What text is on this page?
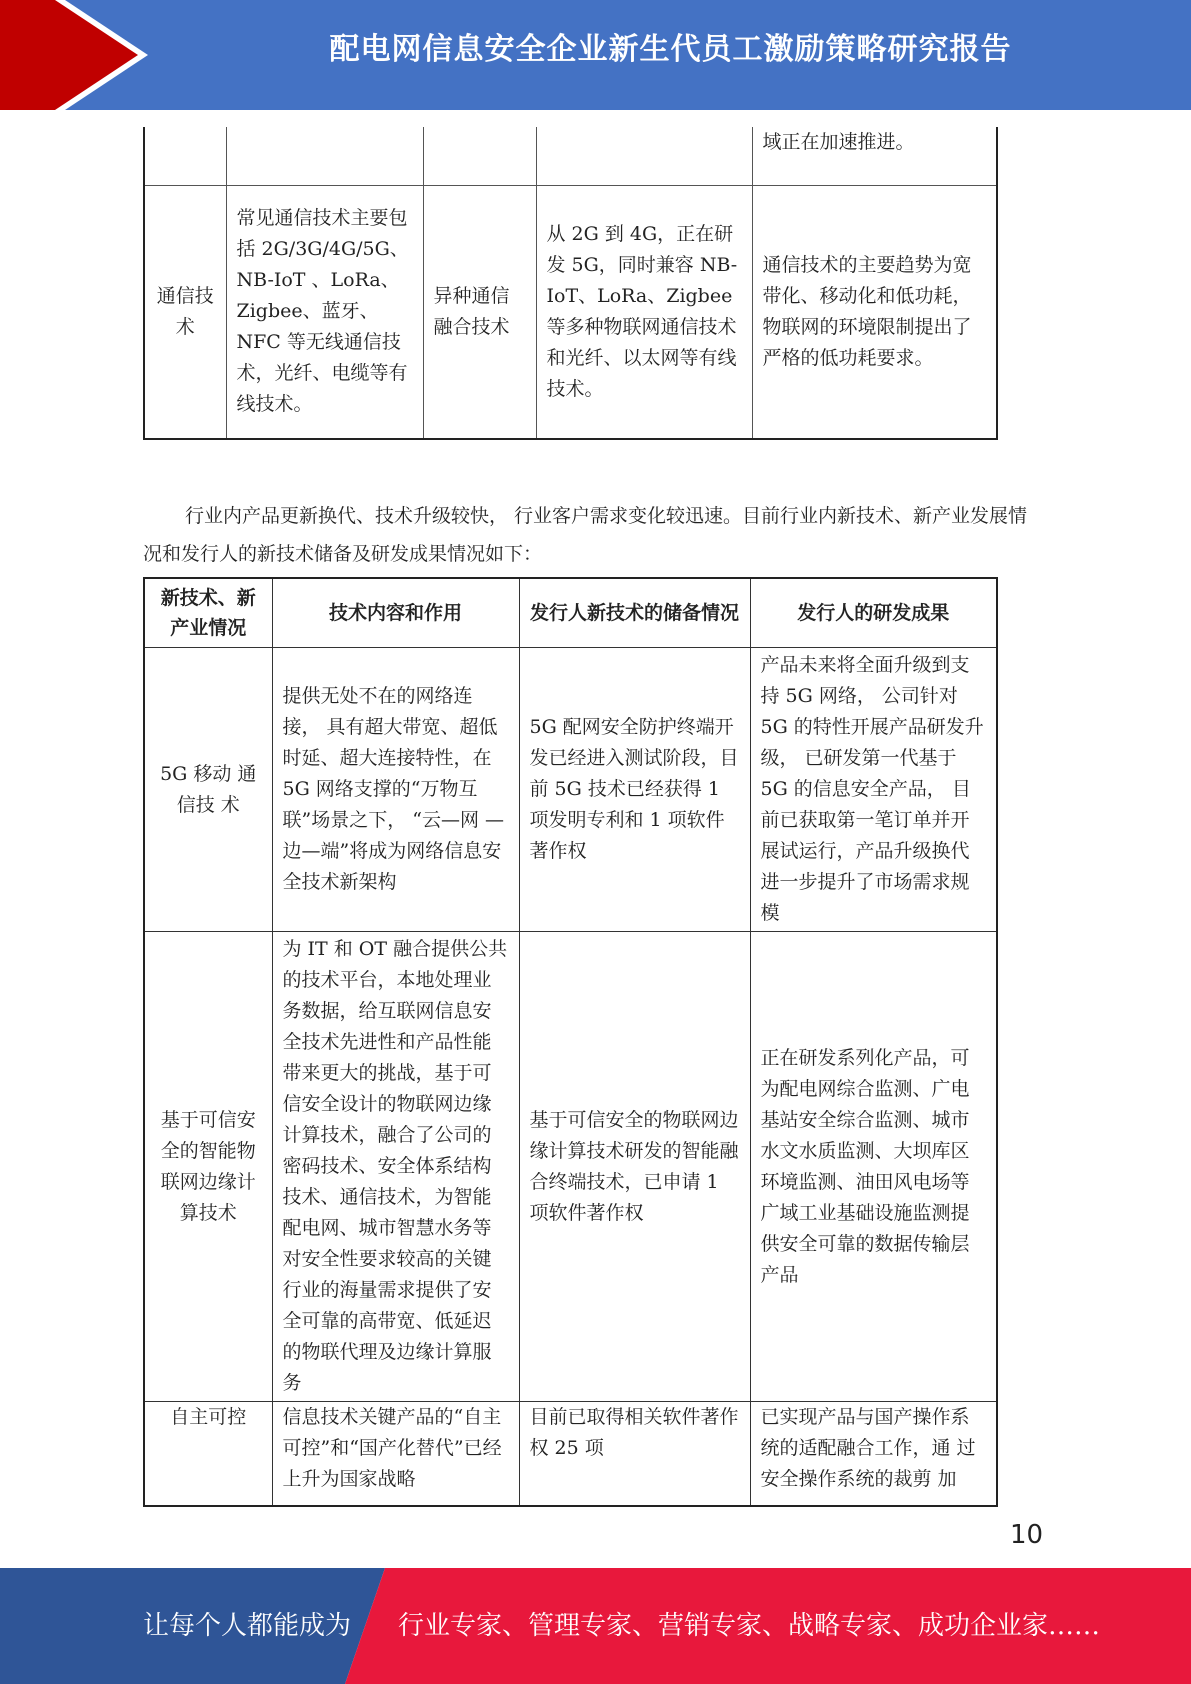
配电网信息安全企业新生代员工激励策略研究报告
				域正在加速推进。
通信技术	常见通信技术主要包括 2G/3G/4G/5G、NB-IoT 、LoRa、 Zigbee、蓝牙、 NFC 等无线通信技术，光纤、电缆等有线技术。	异种通信融合技术	从 2G 到 4G，正在研发 5G，同时兼容 NB-IoT、LoRa、Zigbee 等多种物联网通信技术和光纤、以太网等有线技术。	通信技术的主要趋势为宽带化、移动化和低功耗，物联网的环境限制提出了严格的低功耗要求。

行业内产品更新换代、技术升级较快， 行业客户需求变化较迅速。目前行业内新技术、新产业发展情况和发行人的新技术储备及研发成果情况如下：

新技术、新产业情况	技术内容和作用	发行人新技术的储备情况	发行人的研发成果
5G 移动 通 信技 术	提供无处不在的网络连接， 具有超大带宽、超低时延、超大连接特性，在 5G 网络支撑的“万物互联”场景之下， “云—网 —边—端”将成为网络信息安全技术新架构	5G 配网安全防护终端开发已经进入测试阶段，目前 5G 技术已经获得 1 项发明专利和 1 项软件著作权	产品未来将全面升级到支持 5G 网络， 公司针对 5G 的特性开展产品研发升级， 已研发第一代基于 5G 的信息安全产品， 目前已获取第一笔订单并开展试运行，产品升级换代进一步提升了市场需求规模
基于可信安全的智能物联网边缘计算技术	为 IT 和 OT 融合提供公共的技术平台，本地处理业务数据，给互联网信息安全技术先进性和产品性能带来更大的挑战，基于可信安全设计的物联网边缘计算技术，融合了公司的密码技术、安全体系结构技术、通信技术，为智能配电网、城市智慧水务等对安全性要求较高的关键行业的海量需求提供了安全可靠的高带宽、低延迟的物联代理及边缘计算服务	基于可信安全的物联网边缘计算技术研发的智能融合终端技术，已申请 1 项软件著作权	正在研发系列化产品，可为配电网综合监测、广电基站安全综合监测、城市水文水质监测、大坝库区环境监测、油田风电场等广域工业基础设施监测提供安全可靠的数据传输层产品
自主可控	信息技术关键产品的“自主可控”和“国产化替代”已经上升为国家战略	目前已取得相关软件著作权 25 项	已实现产品与国产操作系统的适配融合工作，通 过安全操作系统的裁剪 加
10
让每个人都能成为 行业专家、管理专家、营销专家、战略专家、成功企业家……
